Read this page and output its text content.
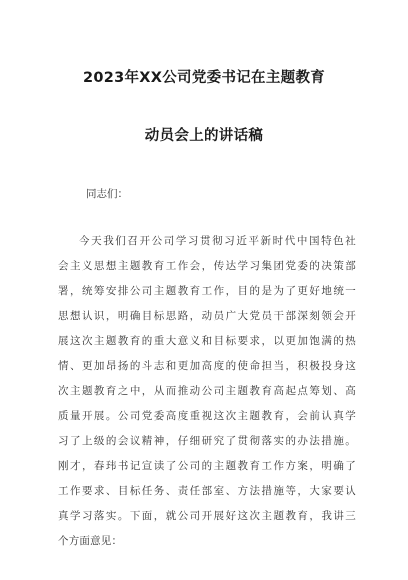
2023年XX公司党委书记在主题教育
动员会上的讲话稿
同志们：
今天我们召开公司学习贯彻习近平新时代中国特色社
会主义思想主题教育工作会，传达学习集团党委的决策部
署，统筹安排公司主题教育工作，目的是为了更好地统一
思想认识，明确目标思路，动员广大党员干部深刻领会开
展这次主题教育的重大意义和目标要求，以更加饱满的热
情、更加昂扬的斗志和更加高度的使命担当，积极投身这
次主题教育之中，从而推动公司主题教育高起点筹划、高
质量开展。公司党委高度重视这次主题教育，会前认真学
习了上级的会议精神，仔细研究了贯彻落实的办法措施。
刚才，春玮书记宣读了公司的主题教育工作方案，明确了
工作要求、目标任务、责任部室、方法措施等，大家要认
真学习落实。下面，就公司开展好这次主题教育，我讲三
个方面意见：
